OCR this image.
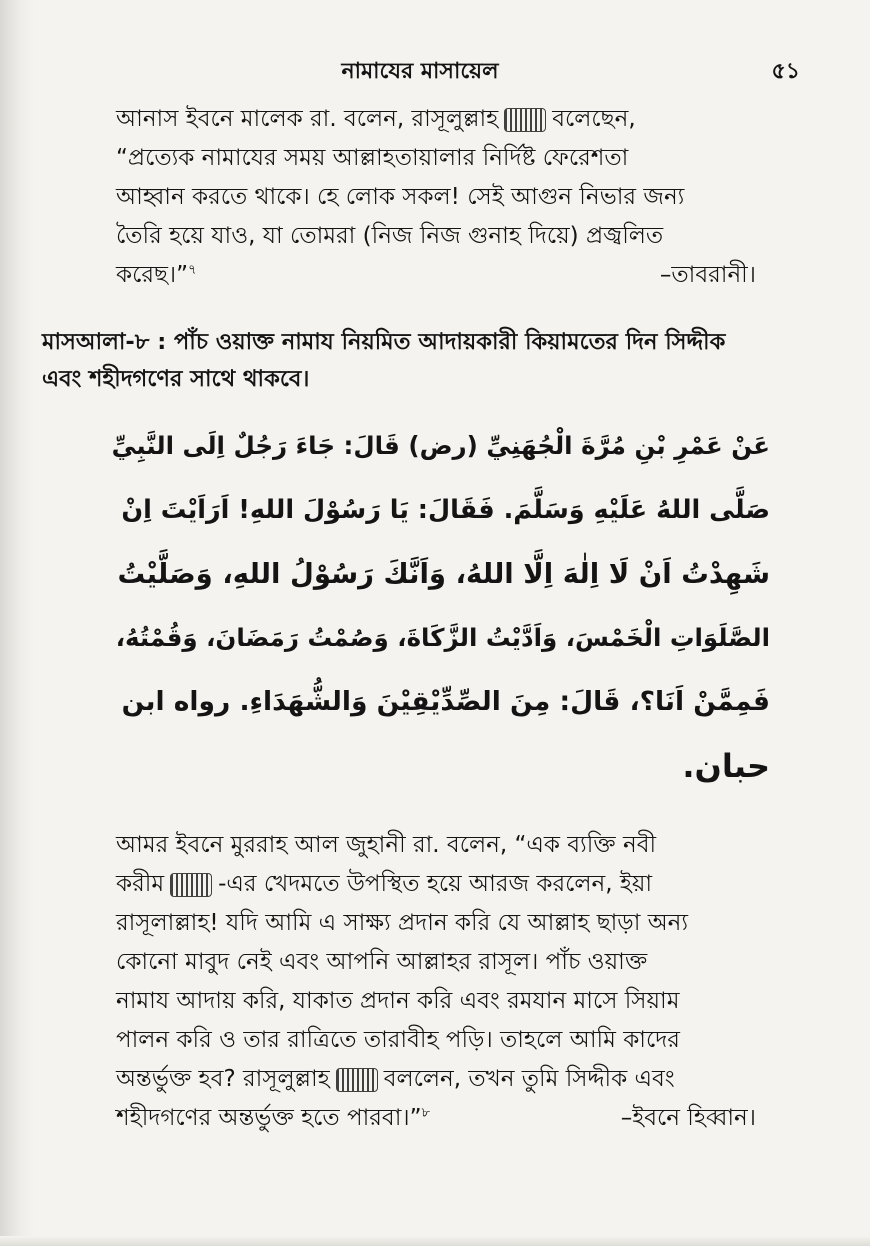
নামাযের মাসায়েল	৫১
আনাস ইবনে মালেক রা. বলেন, রাসূলুল্লাহ বলেছেন,
“প্রত্যেক নামাযের সময় আল্লাহতায়ালার নির্দিষ্ট ফেরেশতা
আহ্বান করতে থাকে। হে লোক সকল! সেই আগুন নিভার জন্য
তৈরি হয়ে যাও, যা তোমরা (নিজ নিজ গুনাহ দিয়ে) প্রজ্বলিত
করেছ।”$^৭$	–তাবরানী।
মাসআলা-৮ : পাঁচ ওয়াক্ত নামায নিয়মিত আদায়কারী কিয়ামতের দিন সিদ্দীক
এবং শহীদগণের সাথে থাকবে।
عَنْ عَمْرِ بْنِ مُرَّةَ الْجُهَنِيِّ (رض) قَالَ: جَاءَ رَجُلٌ اِلَى النَّبِيِّ
صَلَّى اللهُ عَلَيْهِ وَسَلَّمَ. فَقَالَ: يَا رَسُوْلَ اللهِ! اَرَاَيْتَ اِنْ
شَهِدْتُ اَنْ لَا اِلٰهَ اِلَّا اللهُ، وَاَنَّكَ رَسُوْلُ اللهِ، وَصَلَّيْتُ
الصَّلَوَاتِ الْخَمْسَ، وَاَدَّيْتُ الزَّكَاةَ، وَصُمْتُ رَمَضَانَ، وَقُمْتُهُ،
فَمِمَّنْ اَنَا؟، قَالَ: مِنَ الصِّدِّيْقِيْنَ وَالشُّهَدَاءِ. رواه ابن
حبان.
আমর ইবনে মুররাহ আল জুহানী রা. বলেন, “এক ব্যক্তি নবী
করীম -এর খেদমতে উপস্থিত হয়ে আরজ করলেন, ইয়া
রাসূলাল্লাহ! যদি আমি এ সাক্ষ্য প্রদান করি যে আল্লাহ ছাড়া অন্য
কোনো মাবুদ নেই এবং আপনি আল্লাহর রাসূল। পাঁচ ওয়াক্ত
নামায আদায় করি, যাকাত প্রদান করি এবং রমযান মাসে সিয়াম
পালন করি ও তার রাত্রিতে তারাবীহ পড়ি। তাহলে আমি কাদের
অন্তর্ভুক্ত হব? রাসূলুল্লাহ বললেন, তখন তুমি সিদ্দীক এবং
শহীদগণের অন্তর্ভুক্ত হতে পারবা।”$^৮$	–ইবনে হিব্বান।
